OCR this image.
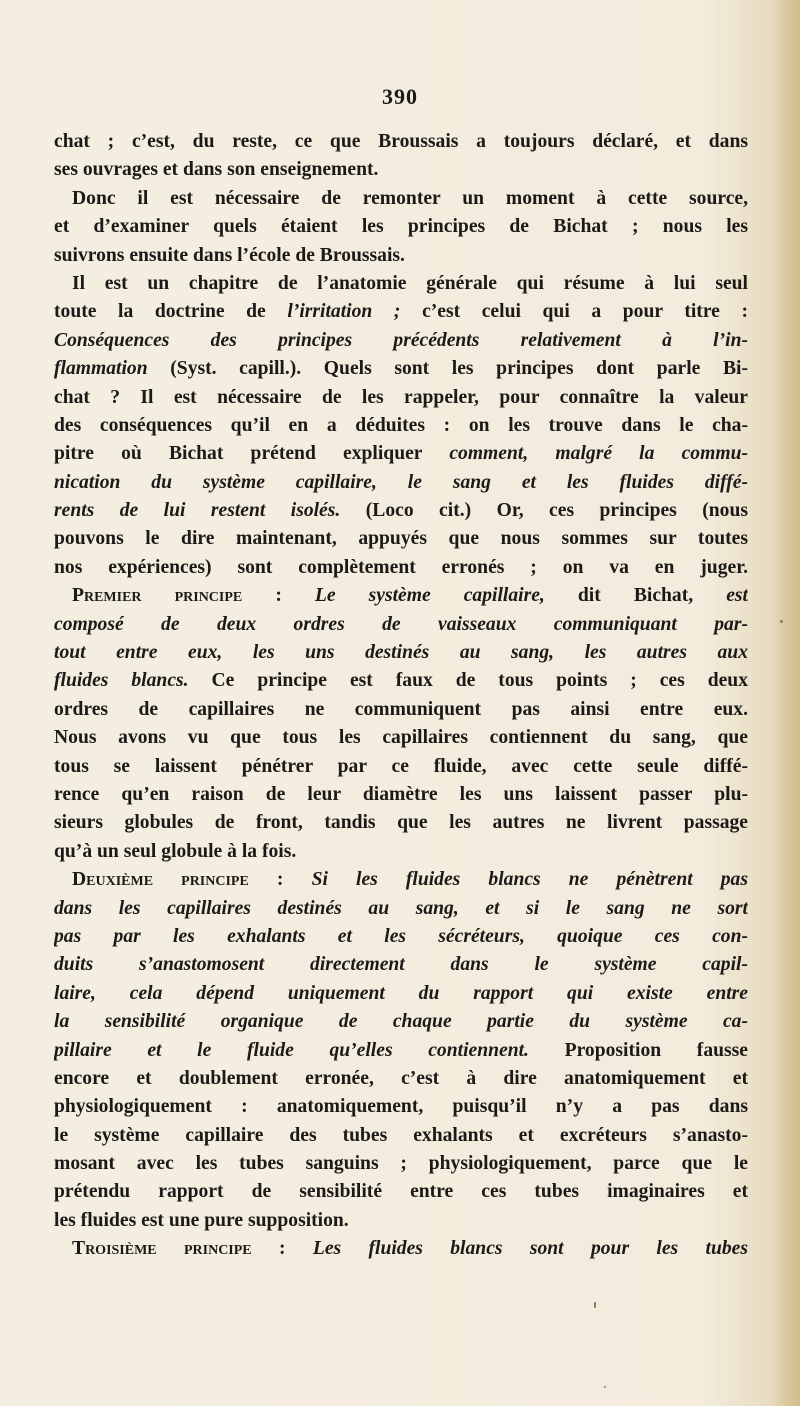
390
chat ; c’est, du reste, ce que Broussais a toujours déclaré, et dans
ses ouvrages et dans son enseignement.
Donc il est nécessaire de remonter un moment à cette source,
et d’examiner quels étaient les principes de Bichat ; nous les
suivrons ensuite dans l’école de Broussais.
Il est un chapitre de l’anatomie générale qui résume à lui seul
toute la doctrine de l’irritation ; c’est celui qui a pour titre :
Conséquences des principes précédents relativement à l’in-
flammation (Syst. capill.). Quels sont les principes dont parle Bi-
chat ? Il est nécessaire de les rappeler, pour connaître la valeur
des conséquences qu’il en a déduites : on les trouve dans le cha-
pitre où Bichat prétend expliquer comment, malgré la commu-
nication du système capillaire, le sang et les fluides diffé-
rents de lui restent isolés. (Loco cit.) Or, ces principes (nous
pouvons le dire maintenant, appuyés que nous sommes sur toutes
nos expériences) sont complètement erronés ; on va en juger.
Premier principe : Le système capillaire, dit Bichat, est
composé de deux ordres de vaisseaux communiquant par-
tout entre eux, les uns destinés au sang, les autres aux
fluides blancs. Ce principe est faux de tous points ; ces deux
ordres de capillaires ne communiquent pas ainsi entre eux.
Nous avons vu que tous les capillaires contiennent du sang, que
tous se laissent pénétrer par ce fluide, avec cette seule diffé-
rence qu’en raison de leur diamètre les uns laissent passer plu-
sieurs globules de front, tandis que les autres ne livrent passage
qu’à un seul globule à la fois.
Deuxième principe : Si les fluides blancs ne pénètrent pas
dans les capillaires destinés au sang, et si le sang ne sort
pas par les exhalants et les sécréteurs, quoique ces con-
duits s’anastomosent directement dans le système capil-
laire, cela dépend uniquement du rapport qui existe entre
la sensibilité organique de chaque partie du système ca-
pillaire et le fluide qu’elles contiennent. Proposition fausse
encore et doublement erronée, c’est à dire anatomiquement et
physiologiquement : anatomiquement, puisqu’il n’y a pas dans
le système capillaire des tubes exhalants et excréteurs s’anasto-
mosant avec les tubes sanguins ; physiologiquement, parce que le
prétendu rapport de sensibilité entre ces tubes imaginaires et
les fluides est une pure supposition.
Troisième principe : Les fluides blancs sont pour les tubes
